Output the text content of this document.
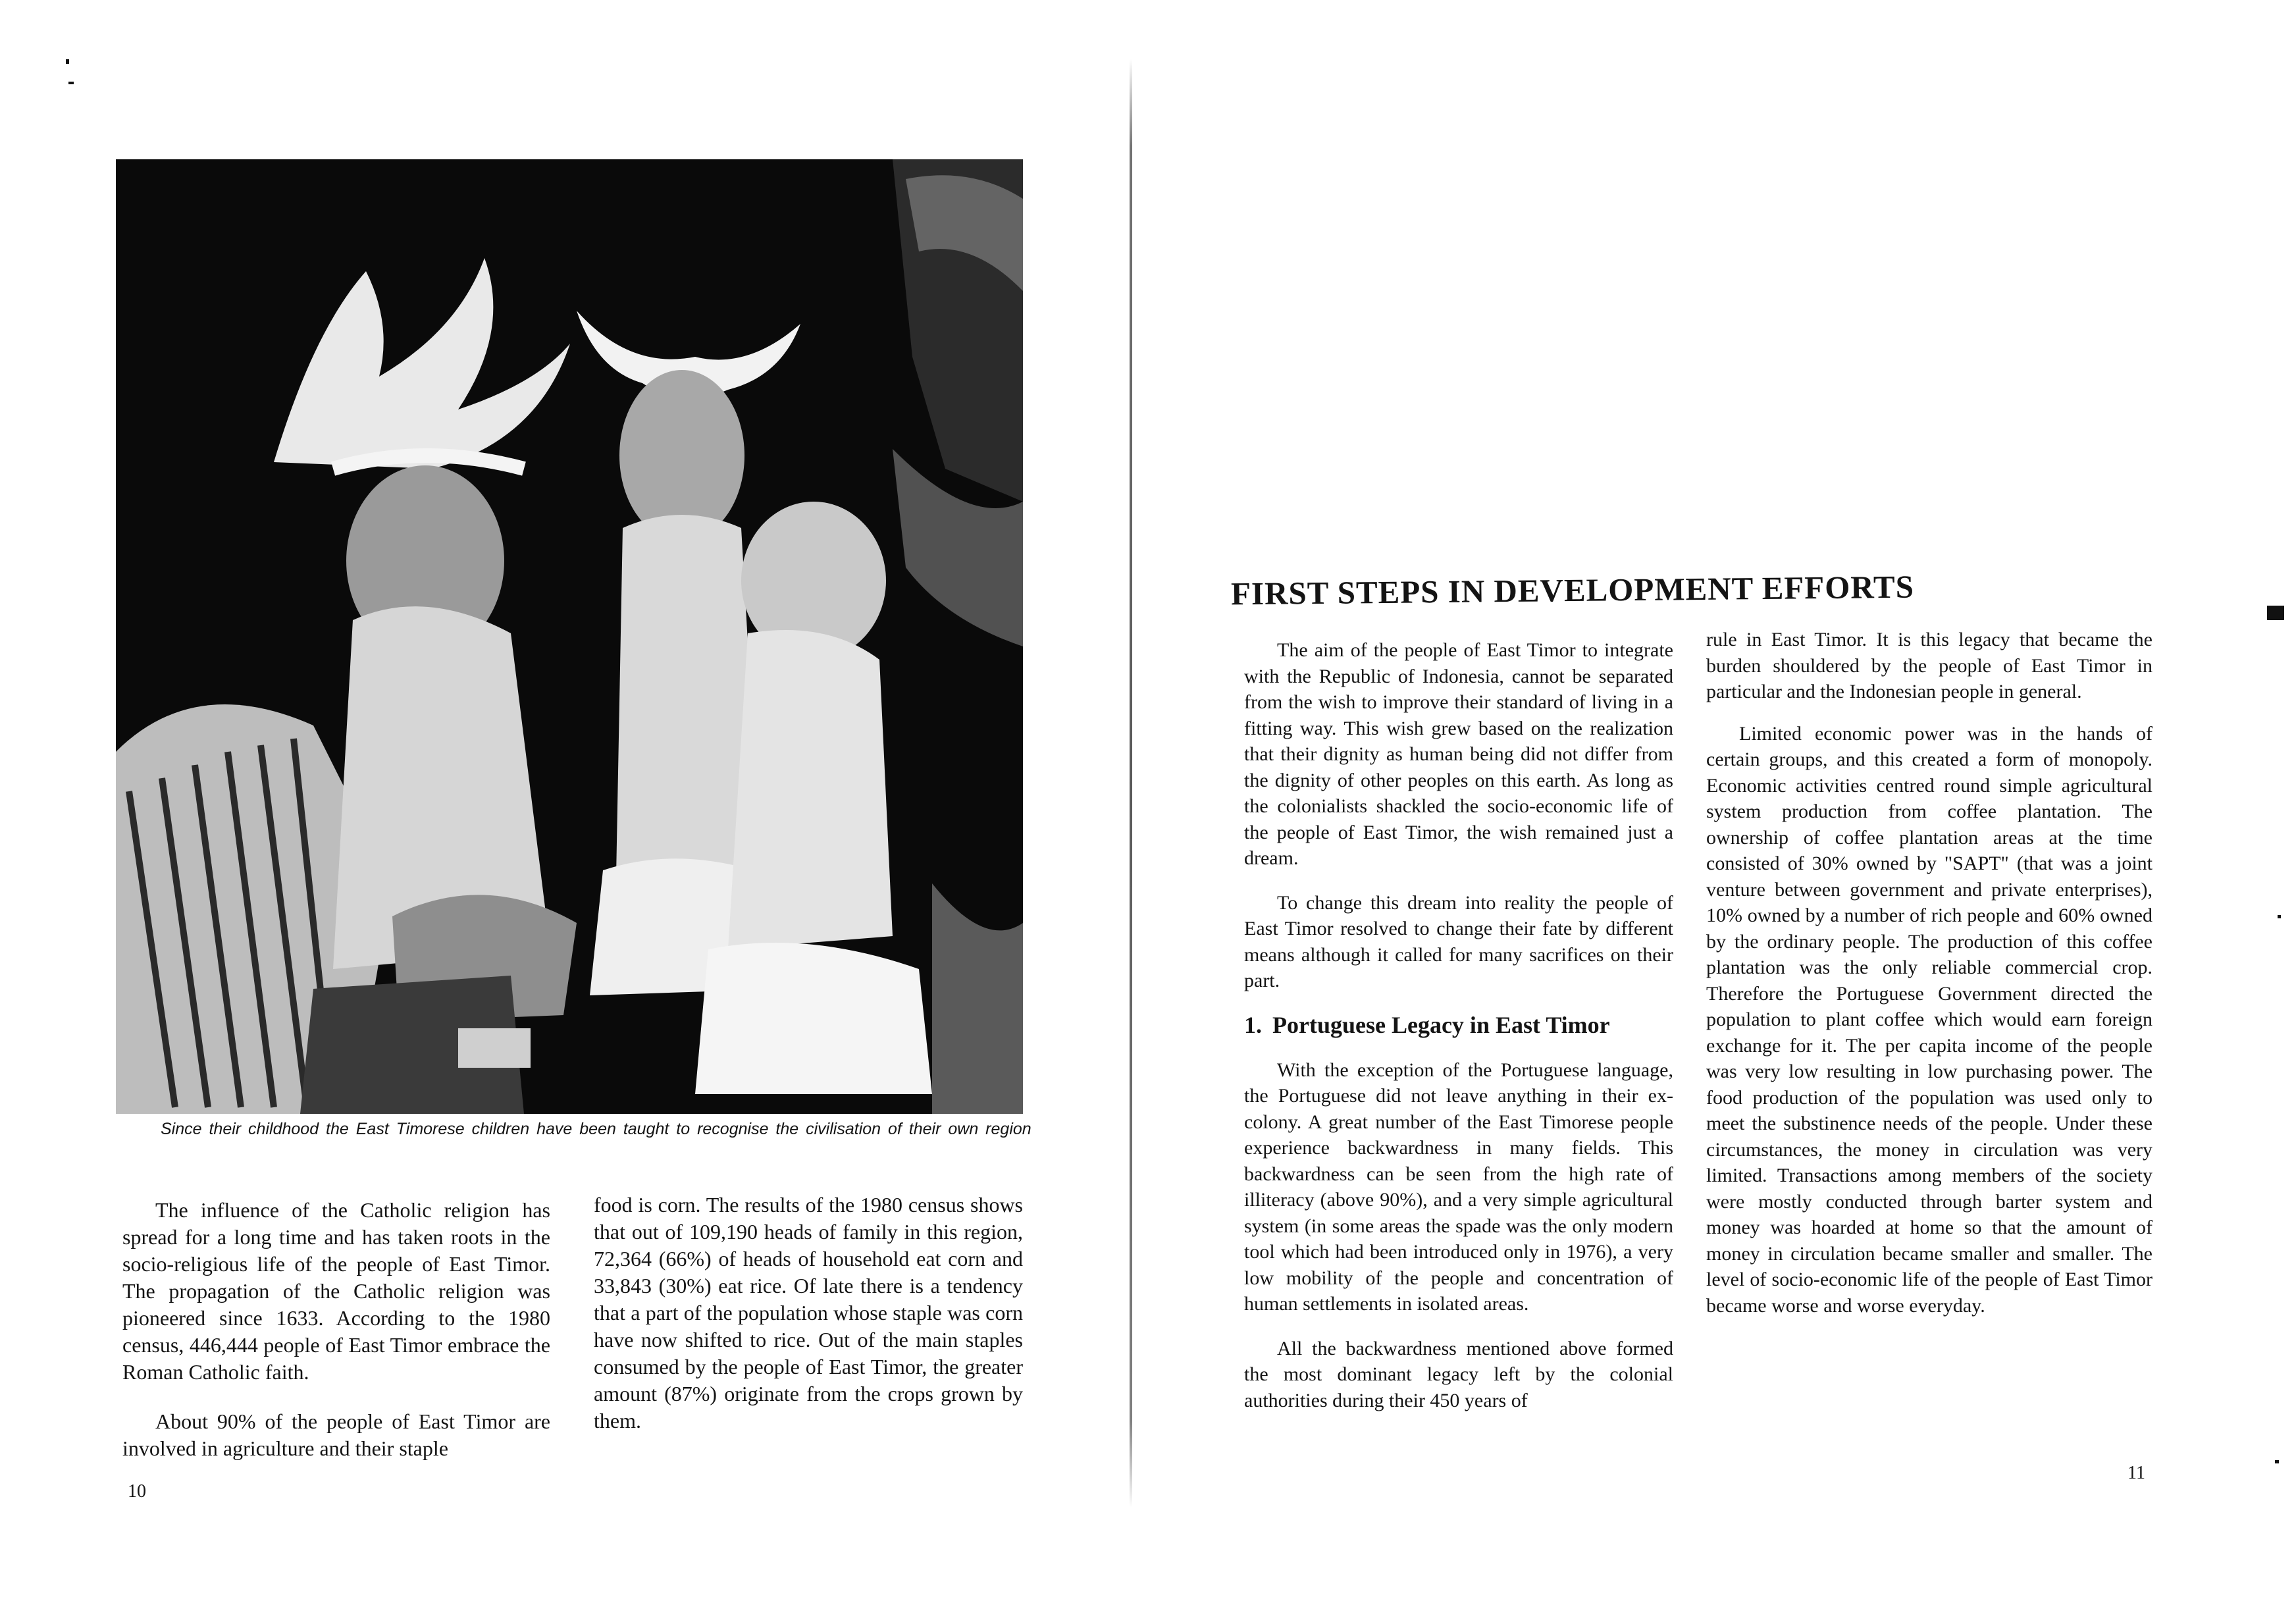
Since their childhood the East Timorese children have been taught to recognise the civilisation of their own region

The influence of the Catholic religion has spread for a long time and has taken roots in the socio-religious life of the people of East Timor. The propagation of the Catholic religion was pioneered since 1633. According to the 1980 census, 446,444 people of East Timor embrace the Roman Catholic faith.

About 90% of the people of East Timor are involved in agriculture and their staple

food is corn. The results of the 1980 census shows that out of 109,190 heads of family in this region, 72,364 (66%) of heads of household eat corn and 33,843 (30%) eat rice. Of late there is a tendency that a part of the population whose staple was corn have now shifted to rice. Out of the main staples consumed by the people of East Timor, the greater amount (87%) originate from the crops grown by them.

10
FIRST STEPS IN DEVELOPMENT EFFORTS

The aim of the people of East Timor to integrate with the Republic of Indonesia, cannot be separated from the wish to improve their standard of living in a fitting way. This wish grew based on the realization that their dignity as human being did not differ from the dignity of other peoples on this earth. As long as the colonialists shackled the socio-economic life of the people of East Timor, the wish remained just a dream.

To change this dream into reality the people of East Timor resolved to change their fate by different means although it called for many sacrifices on their part.

1. Portuguese Legacy in East Timor

With the exception of the Portuguese language, the Portuguese did not leave anything in their ex-colony. A great number of the East Timorese people experience backwardness in many fields. This backwardness can be seen from the high rate of illiteracy (above 90%), and a very simple agricultural system (in some areas the spade was the only modern tool which had been introduced only in 1976), a very low mobility of the people and concentration of human settlements in isolated areas.

All the backwardness mentioned above formed the most dominant legacy left by the colonial authorities during their 450 years of

rule in East Timor. It is this legacy that became the burden shouldered by the people of East Timor in particular and the Indonesian people in general.

Limited economic power was in the hands of certain groups, and this created a form of monopoly. Economic activities centred round simple agricultural system production from coffee plantation. The ownership of coffee plantation areas at the time consisted of 30% owned by "SAPT" (that was a joint venture between government and private enterprises), 10% owned by a number of rich people and 60% owned by the ordinary people. The production of this coffee plantation was the only reliable commercial crop. Therefore the Portuguese Government directed the population to plant coffee which would earn foreign exchange for it. The per capita income of the people was very low resulting in low purchasing power. The food production of the population was used only to meet the substinence needs of the people. Under these circumstances, the money in circulation was very limited. Transactions among members of the society were mostly conducted through barter system and money was hoarded at home so that the amount of money in circulation became smaller and smaller. The level of socio-economic life of the people of East Timor became worse and worse everyday.

11
